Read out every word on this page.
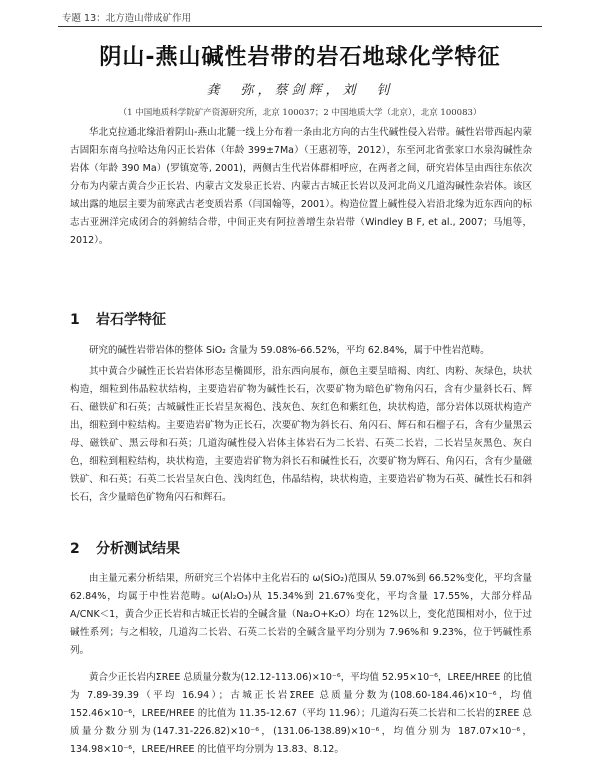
专题 13：北方造山带成矿作用
阴山-燕山碱性岩带的岩石地球化学特征
龚　弥，蔡剑辉，刘　钊
（1 中国地质科学院矿产资源研究所，北京 100037；2 中国地质大学（北京），北京 100083）

华北克拉通北缘沿着阴山-燕山北麓一线上分布着一条由北方向的古生代碱性侵入岩带。碱性岩带西起内蒙古固阳东南乌拉哈达角闪正长岩体（年龄 399±7Ma）（王惠初等，2012），东至河北省张家口水泉沟碱性杂岩体（年龄 390 Ma）(罗镇宽等, 2001)，两侧古生代岩体群相呼应，在两者之间，研究岩体呈由西往东依次分布为内蒙古黄合少正长岩、内蒙古文发泉正长岩、内蒙古古城正长岩以及河北尚义几道沟碱性杂岩体。该区域出露的地层主要为前寒武古老变质岩系（闫国翰等，2001）。构造位置上碱性侵入岩沿北缘为近东西向的标志古亚洲洋完成闭合的斜俯结合带，中间正夹有阿拉善增生杂岩带（Windley B F, et al., 2007；马旭等，2012）。

1 岩石学特征

研究的碱性岩带岩体的整体 SiO₂ 含量为 59.08%-66.52%，平均 62.84%，属于中性岩范畴。

其中黄合少碱性正长岩岩体形态呈椭圆形，沿东西向展布，颜色主要呈暗褐、肉红、肉粉、灰绿色，块状构造，细粒到伟晶粒状结构，主要造岩矿物为碱性长石，次要矿物为暗色矿物角闪石，含有少量斜长石、辉石、磁铁矿和石英；古城碱性正长岩呈灰褐色、浅灰色、灰红色和紫红色，块状构造，部分岩体以斑状构造产出，细粒到中粒结构。主要造岩矿物为正长石，次要矿物为斜长石、角闪石、辉石和石榴子石，含有少量黑云母、磁铁矿、黑云母和石英；几道沟碱性侵入岩体主体岩石为二长岩、石英二长岩，二长岩呈灰黑色、灰白色，细粒到粗粒结构，块状构造，主要造岩矿物为斜长石和碱性长石，次要矿物为辉石、角闪石，含有少量磁铁矿、和石英；石英二长岩呈灰白色、浅肉红色，伟晶结构，块状构造，主要造岩矿物为石英、碱性长石和斜长石，含少量暗色矿物角闪石和辉石。

2 分析测试结果

由主量元素分析结果，所研究三个岩体中主化岩石的 ω(SiO₂)范围从 59.07%到 66.52%变化，平均含量 62.84%，均属于中性岩范畴。ω(Al₂O₃)从 15.34%到 21.67%变化，平均含量 17.55%，大部分样品 A/CNK＜1，黄合少正长岩和古城正长岩的全碱含量（Na₂O+K₂O）均在 12%以上，变化范围相对小，位于过碱性系列；与之相较，几道沟二长岩、石英二长岩的全碱含量平均分别为 7.96%和 9.23%，位于钙碱性系列。

黄合少正长岩内ΣREE 总质量分数为(12.12-113.06)×10⁻⁶，平均值 52.95×10⁻⁶，LREE/HREE 的比值为 7.89-39.39（平均 16.94）；古城正长岩ΣREE 总质量分数为(108.60-184.46)×10⁻⁶，均值 152.46×10⁻⁶，LREE/HREE 的比值为 11.35-12.67（平均 11.96）；几道沟石英二长岩和二长岩的ΣREE 总质量分数分别为(147.31-226.82)×10⁻⁶，(131.06-138.89)×10⁻⁶，均值分别为 187.07×10⁻⁶，134.98×10⁻⁶，LREE/HREE 的比值平均分别为 13.83、8.12。
